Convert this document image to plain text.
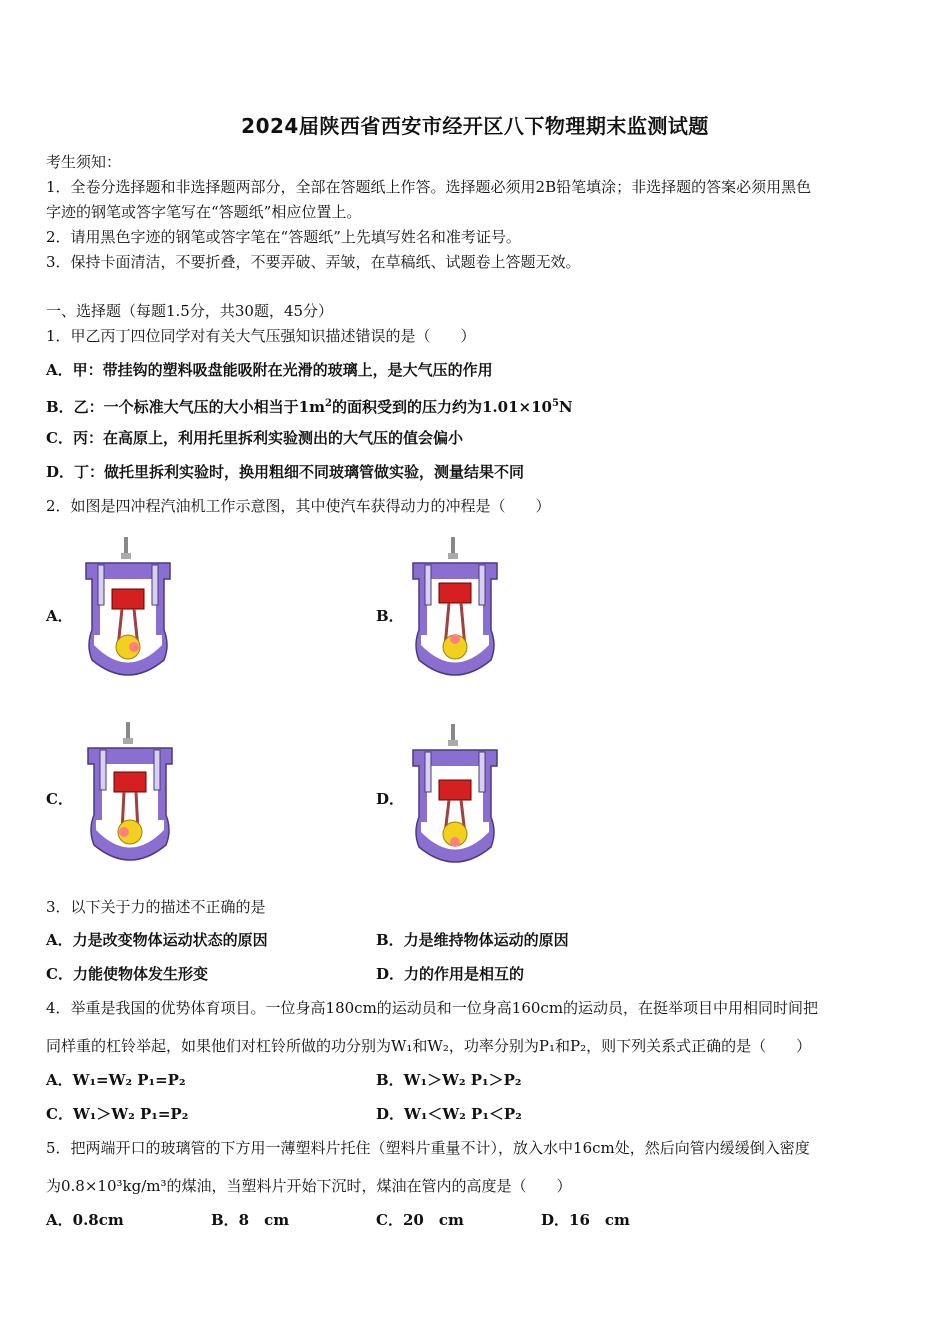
2024届陕西省西安市经开区八下物理期末监测试题
考生须知：
1．全卷分选择题和非选择题两部分，全部在答题纸上作答。选择题必须用2B铅笔填涂；非选择题的答案必须用黑色
字迹的钢笔或答字笔写在“答题纸”相应位置上。
2．请用黑色字迹的钢笔或答字笔在“答题纸”上先填写姓名和准考证号。
3．保持卡面清洁，不要折叠，不要弄破、弄皱，在草稿纸、试题卷上答题无效。
一、选择题（每题1.5分，共30题，45分）
1．甲乙丙丁四位同学对有关大气压强知识描述错误的是（　　）
A．甲：带挂钩的塑料吸盘能吸附在光滑的玻璃上，是大气压的作用
B．乙：一个标准大气压的大小相当于$1m^2$的面积受到的压力约为$1.01\times 10^5N$
C．丙：在高原上，利用托里拆利实验测出的大气压的值会偏小
D．丁：做托里拆利实验时，换用粗细不同玻璃管做实验，测量结果不同
2．如图是四冲程汽油机工作示意图，其中使汽车获得动力的冲程是（　　）
A．	B．
C．	D．
3．以下关于力的描述不正确的是
A．力是改变物体运动状态的原因	B．力是维持物体运动的原因
C．力能使物体发生形变	D．力的作用是相互的
4．举重是我国的优势体育项目。一位身高180cm的运动员和一位身高160cm的运动员，在挺举项目中用相同时间把
同样重的杠铃举起，如果他们对杠铃所做的功分别为W₁和W₂，功率分别为P₁和P₂，则下列关系式正确的是（　　）
A．W₁=W₂ P₁=P₂	B．W₁＞W₂ P₁＞P₂
C．W₁＞W₂ P₁=P₂	D．W₁＜W₂ P₁＜P₂
5．把两端开口的玻璃管的下方用一薄塑料片托住（塑料片重量不计），放入水中16cm处，然后向管内缓缓倒入密度
为0.8×10³kg/m³的煤油，当塑料片开始下沉时，煤油在管内的高度是（　　）
A．0.8cm	B．8　cm	C．20　cm	D．16　cm
